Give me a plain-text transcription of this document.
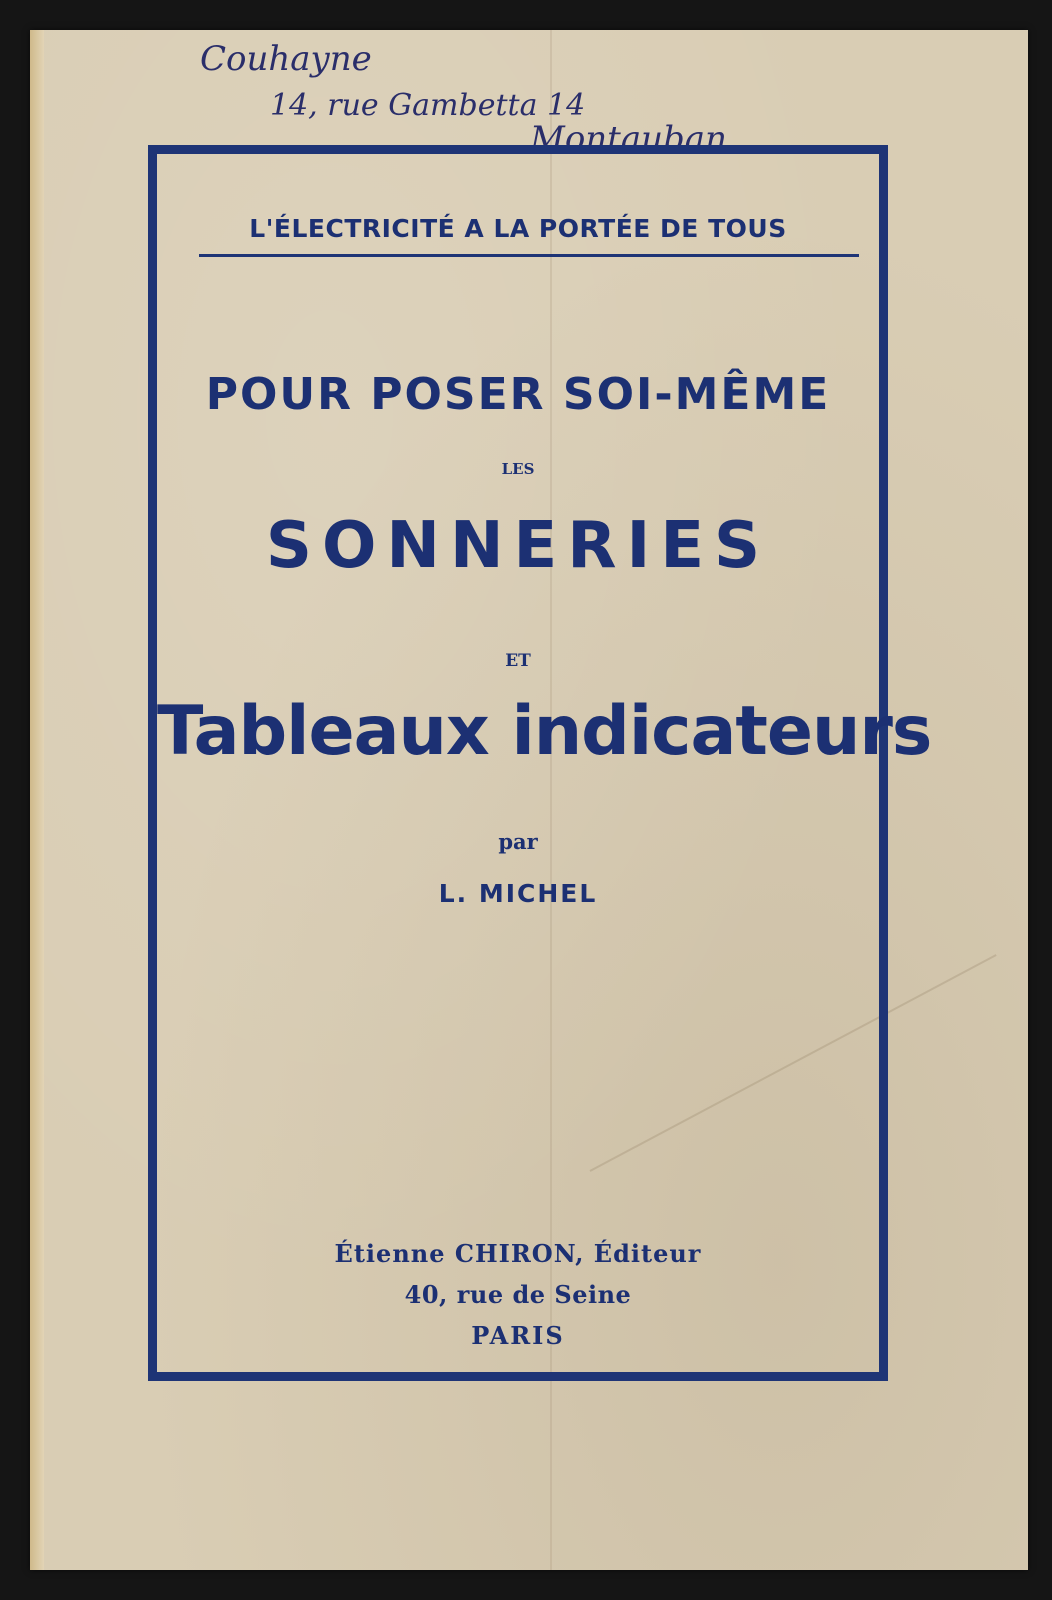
Couhayne
14, rue Gambetta 14
Montauban
L'ÉLECTRICITÉ A LA PORTÉE DE TOUS
POUR POSER SOI-MÊME
LES
SONNERIES
ET
Tableaux indicateurs
par
L. MICHEL
Étienne CHIRON, Éditeur
40, rue de Seine
PARIS
